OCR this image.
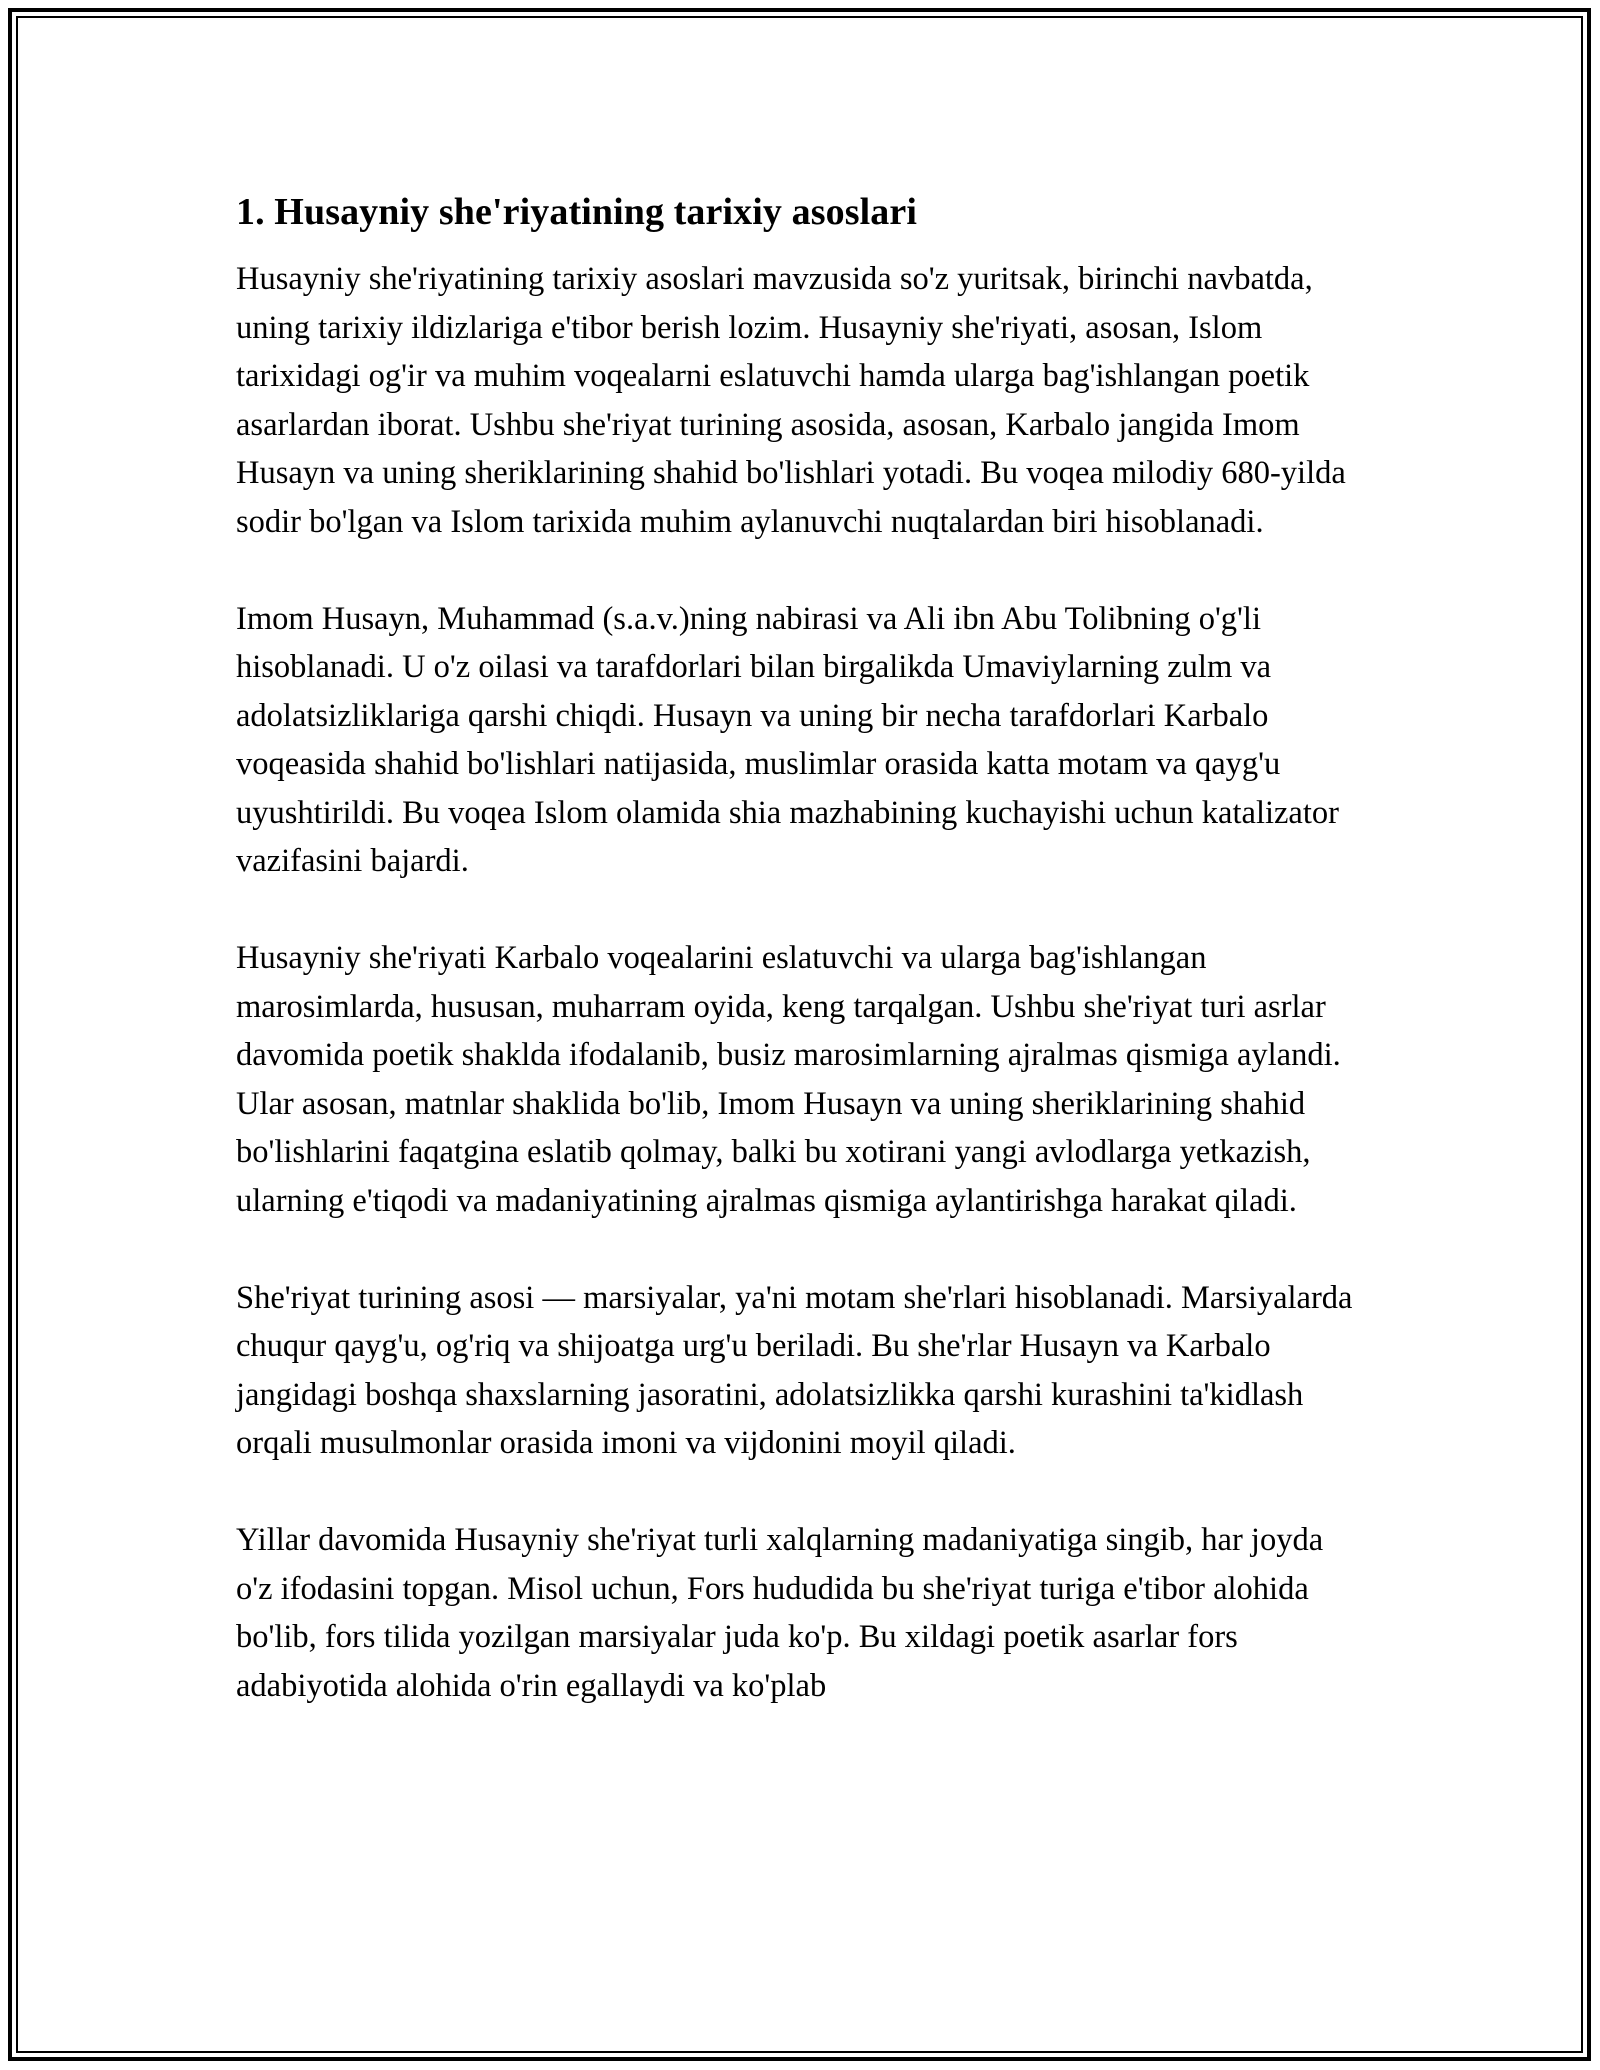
1. Husayniy she'riyatining tarixiy asoslari

Husayniy she'riyatining tarixiy asoslari mavzusida so'z yuritsak, birinchi navbatda, uning tarixiy ildizlariga e'tibor berish lozim. Husayniy she'riyati, asosan, Islom tarixidagi og'ir va muhim voqealarni eslatuvchi hamda ularga bag'ishlangan poetik asarlardan iborat. Ushbu she'riyat turining asosida, asosan, Karbalo jangida Imom Husayn va uning sheriklarining shahid bo'lishlari yotadi. Bu voqea milodiy 680-yilda sodir bo'lgan va Islom tarixida muhim aylanuvchi nuqtalardan biri hisoblanadi.

Imom Husayn, Muhammad (s.a.v.)ning nabirasi va Ali ibn Abu Tolibning o'g'li hisoblanadi. U o'z oilasi va tarafdorlari bilan birgalikda Umaviylarning zulm va adolatsizliklariga qarshi chiqdi. Husayn va uning bir necha tarafdorlari Karbalo voqeasida shahid bo'lishlari natijasida, muslimlar orasida katta motam va qayg'u uyushtirildi. Bu voqea Islom olamida shia mazhabining kuchayishi uchun katalizator vazifasini bajardi.

Husayniy she'riyati Karbalo voqealarini eslatuvchi va ularga bag'ishlangan marosimlarda, hususan, muharram oyida, keng tarqalgan. Ushbu she'riyat turi asrlar davomida poetik shaklda ifodalanib, busiz marosimlarning ajralmas qismiga aylandi. Ular asosan, matnlar shaklida bo'lib, Imom Husayn va uning sheriklarining shahid bo'lishlarini faqatgina eslatib qolmay, balki bu xotirani yangi avlodlarga yetkazish, ularning e'tiqodi va madaniyatining ajralmas qismiga aylantirishga harakat qiladi.

She'riyat turining asosi — marsiyalar, ya'ni motam she'rlari hisoblanadi. Marsiyalarda chuqur qayg'u, og'riq va shijoatga urg'u beriladi. Bu she'rlar Husayn va Karbalo jangidagi boshqa shaxslarning jasoratini, adolatsizlikka qarshi kurashini ta'kidlash orqali musulmonlar orasida imoni va vijdonini moyil qiladi.

Yillar davomida Husayniy she'riyat turli xalqlarning madaniyatiga singib, har joyda o'z ifodasini topgan. Misol uchun, Fors hududida bu she'riyat turiga e'tibor alohida bo'lib, fors tilida yozilgan marsiyalar juda ko'p. Bu xildagi poetik asarlar fors adabiyotida alohida o'rin egallaydi va ko'plab
